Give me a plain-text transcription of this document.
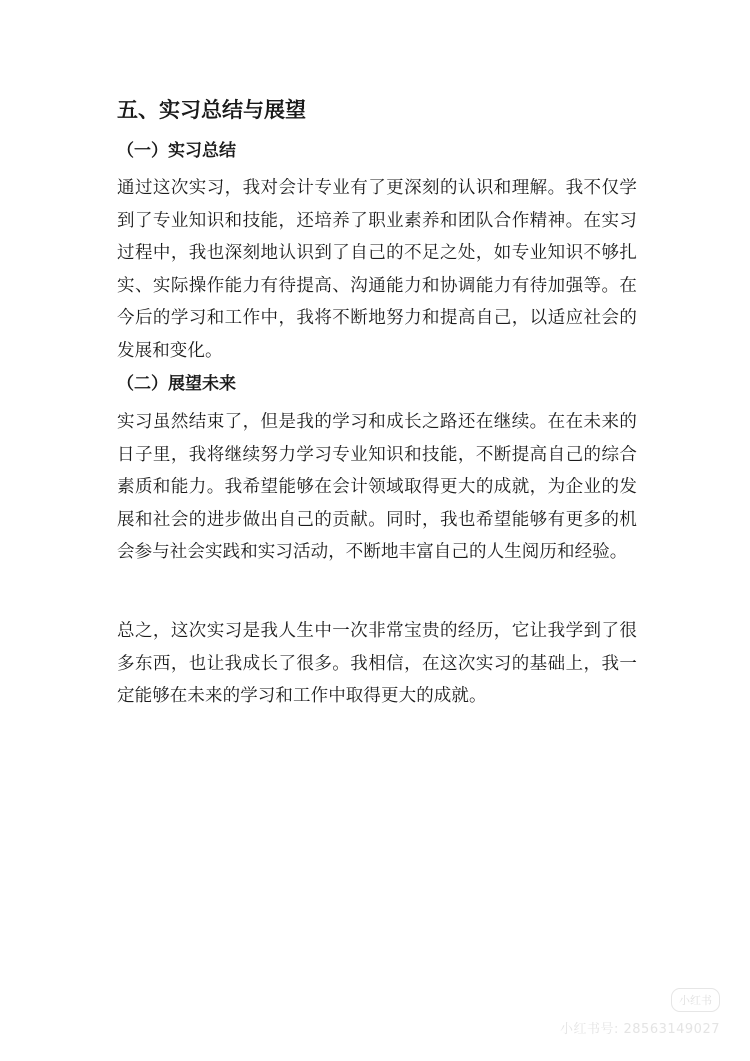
五、实习总结与展望
（一）实习总结

通过这次实习，我对会计专业有了更深刻的认识和理解。我不仅学到了专业知识和技能，还培养了职业素养和团队合作精神。在实习过程中，我也深刻地认识到了自己的不足之处，如专业知识不够扎实、实际操作能力有待提高、沟通能力和协调能力有待加强等。在今后的学习和工作中，我将不断地努力和提高自己，以适应社会的发展和变化。

（二）展望未来

实习虽然结束了，但是我的学习和成长之路还在继续。在在未来的日子里，我将继续努力学习专业知识和技能，不断提高自己的综合素质和能力。我希望能够在会计领域取得更大的成就，为企业的发展和社会的进步做出自己的贡献。同时，我也希望能够有更多的机会参与社会实践和实习活动，不断地丰富自己的人生阅历和经验。

总之，这次实习是我人生中一次非常宝贵的经历，它让我学到了很多东西，也让我成长了很多。我相信，在这次实习的基础上，我一定能够在未来的学习和工作中取得更大的成就。

小红书
小红书号: 28563149027
